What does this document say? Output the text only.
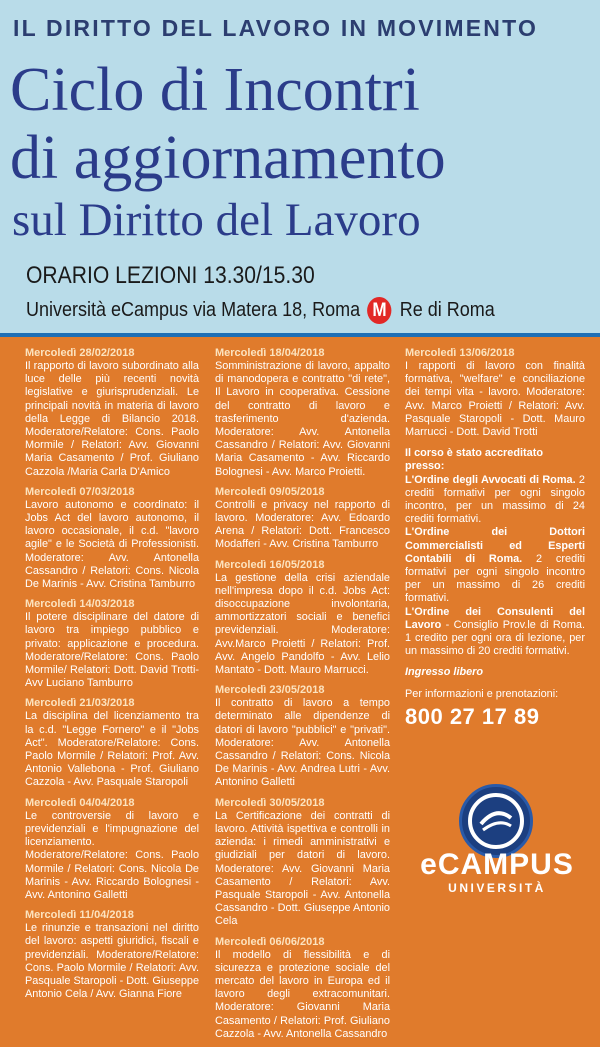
IL DIRITTO DEL LAVORO IN MOVIMENTO
Ciclo di Incontri
di aggiornamento
sul Diritto del Lavoro
ORARIO LEZIONI 13.30/15.30
Università eCampus via Matera 18, Roma M Re di Roma
Mercoledì 28/02/2018
Il rapporto di lavoro subordinato alla luce delle più recenti novità legislative e giurisprudenziali. Le principali novità in materia di lavoro della Legge di Bilancio 2018. Moderatore/Relatore: Cons. Paolo Mormile / Relatori: Avv. Giovanni Maria Casamento / Prof. Giuliano Cazzola /Maria Carla D'Amico
Mercoledì 07/03/2018
Lavoro autonomo e coordinato: il Jobs Act del lavoro autonomo, il lavoro occasionale, il c.d. "lavoro agile" e le Società di Professionisti. Moderatore: Avv. Antonella Cassandro / Relatori: Cons. Nicola De Marinis - Avv. Cristina Tamburro
Mercoledì 14/03/2018
Il potere disciplinare del datore di lavoro tra impiego pubblico e privato: applicazione e procedura. Moderatore/Relatore: Cons. Paolo Mormile/ Relatori: Dott. David Trotti- Avv Luciano Tamburro
Mercoledì 21/03/2018
La disciplina del licenziamento tra la c.d. "Legge Fornero" e il "Jobs Act". Moderatore/Relatore: Cons. Paolo Mormile / Relatori: Prof. Avv. Antonio Vallebona - Prof. Giuliano Cazzola - Avv. Pasquale Staropoli
Mercoledì 04/04/2018
Le controversie di lavoro e previdenziali e l'impugnazione del licenziamento. Moderatore/Relatore: Cons. Paolo Mormile / Relatori: Cons. Nicola De Marinis - Avv. Riccardo Bolognesi - Avv. Antonino Galletti
Mercoledì 11/04/2018
Le rinunzie e transazioni nel diritto del lavoro: aspetti giuridici, fiscali e previdenziali. Moderatore/Relatore: Cons. Paolo Mormile / Relatori: Avv. Pasquale Staropoli - Dott. Giuseppe Antonio Cela / Avv. Gianna Fiore
Mercoledì 18/04/2018
Somministrazione di lavoro, appalto di manodopera e contratto "di rete", Il Lavoro in cooperativa. Cessione del contratto di lavoro e trasferimento d'azienda. Moderatore: Avv. Antonella Cassandro / Relatori: Avv. Giovanni Maria Casamento - Avv. Riccardo Bolognesi - Avv. Marco Proietti.
Mercoledì 09/05/2018
Controlli e privacy nel rapporto di lavoro. Moderatore: Avv. Edoardo Arena / Relatori: Dott. Francesco Modafferi - Avv. Cristina Tamburro
Mercoledì 16/05/2018
La gestione della crisi aziendale nell'impresa dopo il c.d. Jobs Act: disoccupazione involontaria, ammortizzatori sociali e benefici previdenziali. Moderatore: Avv.Marco Proietti / Relatori: Prof. Avv. Angelo Pandolfo - Avv. Lelio Mantato - Dott. Mauro Marrucci.
Mercoledì 23/05/2018
Il contratto di lavoro a tempo determinato alle dipendenze di datori di lavoro "pubblici" e "privati". Moderatore: Avv. Antonella Cassandro / Relatori: Cons. Nicola De Marinis - Avv. Andrea Lutri - Avv. Antonino Galletti
Mercoledì 30/05/2018
La Certificazione dei contratti di lavoro. Attività ispettiva e controlli in azienda: i rimedi amministrativi e giudiziali per datori di lavoro. Moderatore: Avv. Giovanni Maria Casamento / Relatori: Avv. Pasquale Staropoli - Avv. Antonella Cassandro - Dott. Giuseppe Antonio Cela
Mercoledì 06/06/2018
Il modello di flessibilità e di sicurezza e protezione sociale del mercato del lavoro in Europa ed il lavoro degli extracomunitari. Moderatore: Giovanni Maria Casamento / Relatori: Prof. Giuliano Cazzola - Avv. Antonella Cassandro
Mercoledì 13/06/2018
I rapporti di lavoro con finalità formativa, "welfare" e conciliazione dei tempi vita - lavoro. Moderatore: Avv. Marco Proietti / Relatori: Avv. Pasquale Staropoli - Dott. Mauro Marrucci - Dott. David Trotti
Il corso è stato accreditato presso:
L'Ordine degli Avvocati di Roma. 2 crediti formativi per ogni singolo incontro, per un massimo di 24 crediti formativi.
L'Ordine dei Dottori Commercialisti ed Esperti Contabili di Roma. 2 crediti formativi per ogni singolo incontro per un massimo di 26 crediti formativi.
L'Ordine dei Consulenti del Lavoro - Consiglio Prov.le di Roma. 1 credito per ogni ora di lezione, per un massimo di 20 crediti formativi.
Ingresso libero
Per informazioni e prenotazioni:
800 27 17 89
eCAMPUS
UNIVERSITÀ
